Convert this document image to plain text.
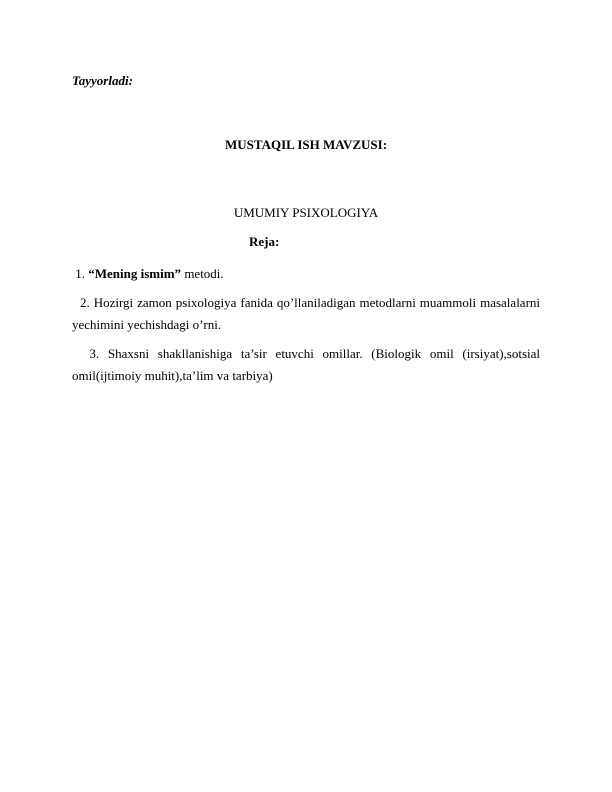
Tayyorladi:
MUSTAQIL ISH MAVZUSI:
UMUMIY PSIXOLOGIYA
Reja:

1. “Mening ismim” metodi.

2. Hozirgi zamon psixologiya fanida qo’llaniladigan metodlarni muammoli masalalarni yechimini yechishdagi o’rni.

3. Shaxsni shakllanishiga ta’sir etuvchi omillar. (Biologik omil (irsiyat),sotsial omil(ijtimoiy muhit),ta’lim va tarbiya)
